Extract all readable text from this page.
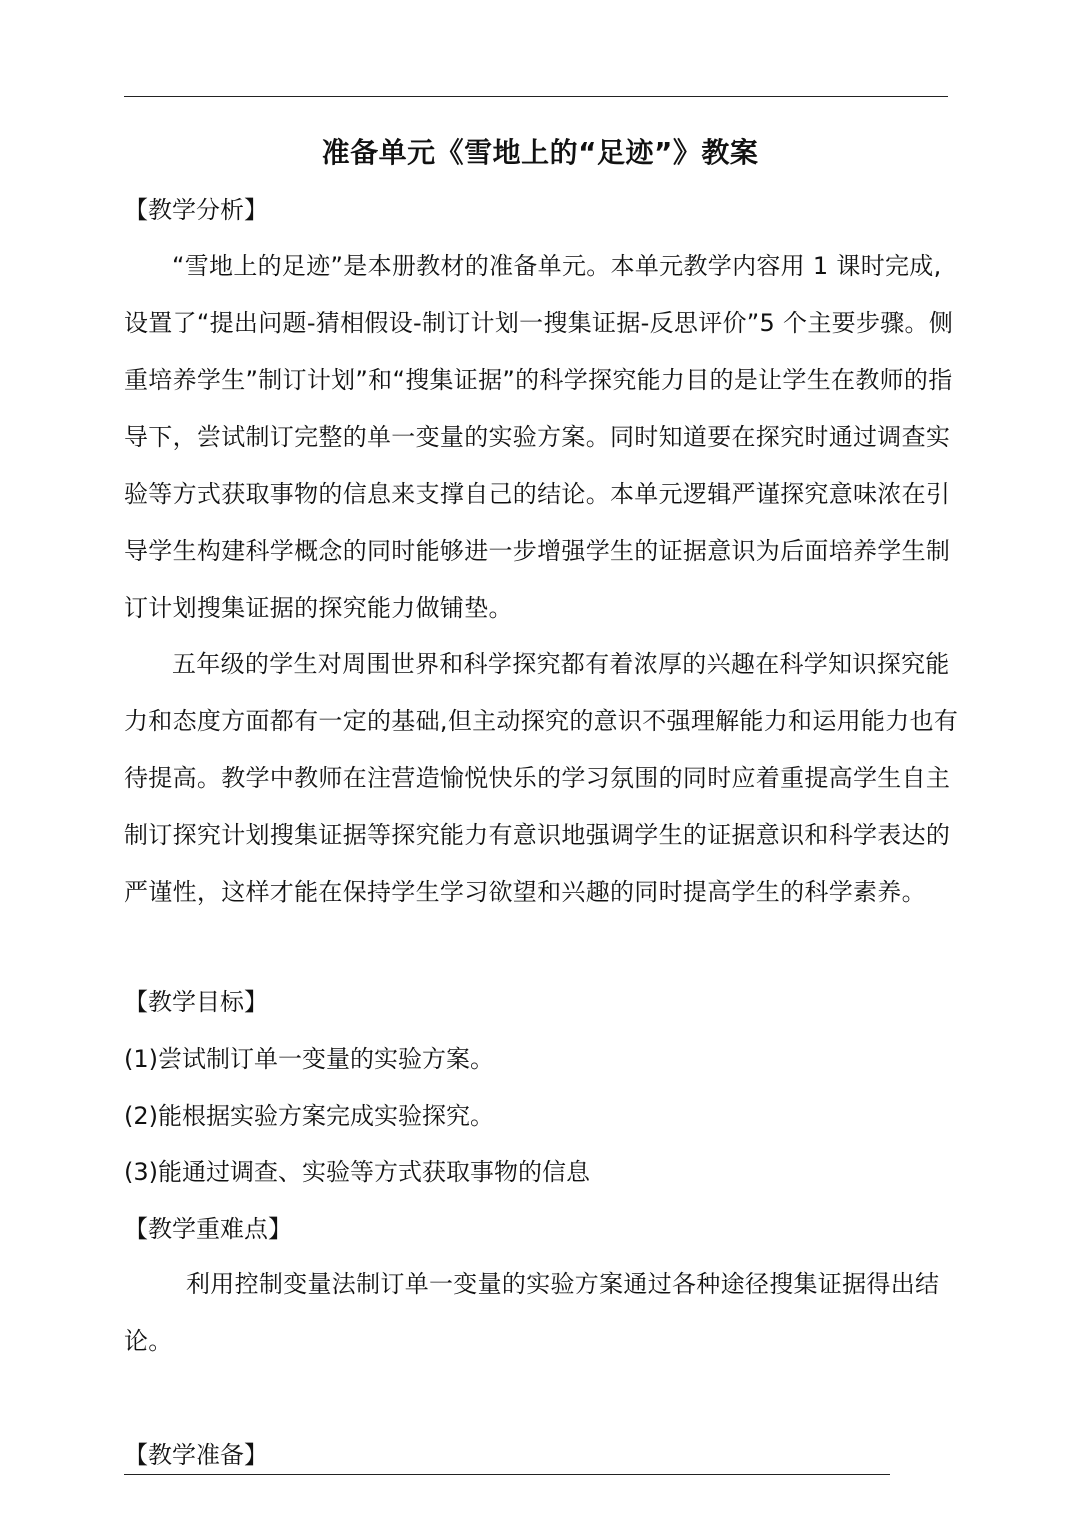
准备单元《雪地上的“足迹”》教案
【教学分析】
“雪地上的足迹”是本册教材的准备单元。本单元教学内容用 1 课时完成,设置了“提出问题-猜相假设-制订计划一搜集证据-反思评价”5 个主要步骤。侧重培养学生”制订计划”和“搜集证据”的科学探究能力目的是让学生在教师的指导下，尝试制订完整的单一变量的实验方案。同时知道要在探究时通过调查实验等方式获取事物的信息来支撑自己的结论。本单元逻辑严谨探究意味浓在引导学生构建科学概念的同时能够进一步增强学生的证据意识为后面培养学生制订计划搜集证据的探究能力做铺垫。
五年级的学生对周围世界和科学探究都有着浓厚的兴趣在科学知识探究能力和态度方面都有一定的基础,但主动探究的意识不强理解能力和运用能力也有待提高。教学中教师在注营造愉悦快乐的学习氛围的同时应着重提高学生自主制订探究计划搜集证据等探究能力有意识地强调学生的证据意识和科学表达的严谨性，这样才能在保持学生学习欲望和兴趣的同时提高学生的科学素养。
【教学目标】
(1)尝试制订单一变量的实验方案。
(2)能根据实验方案完成实验探究。
(3)能通过调查、实验等方式获取事物的信息
【教学重难点】
利用控制变量法制订单一变量的实验方案通过各种途径搜集证据得出结论。
【教学准备】
